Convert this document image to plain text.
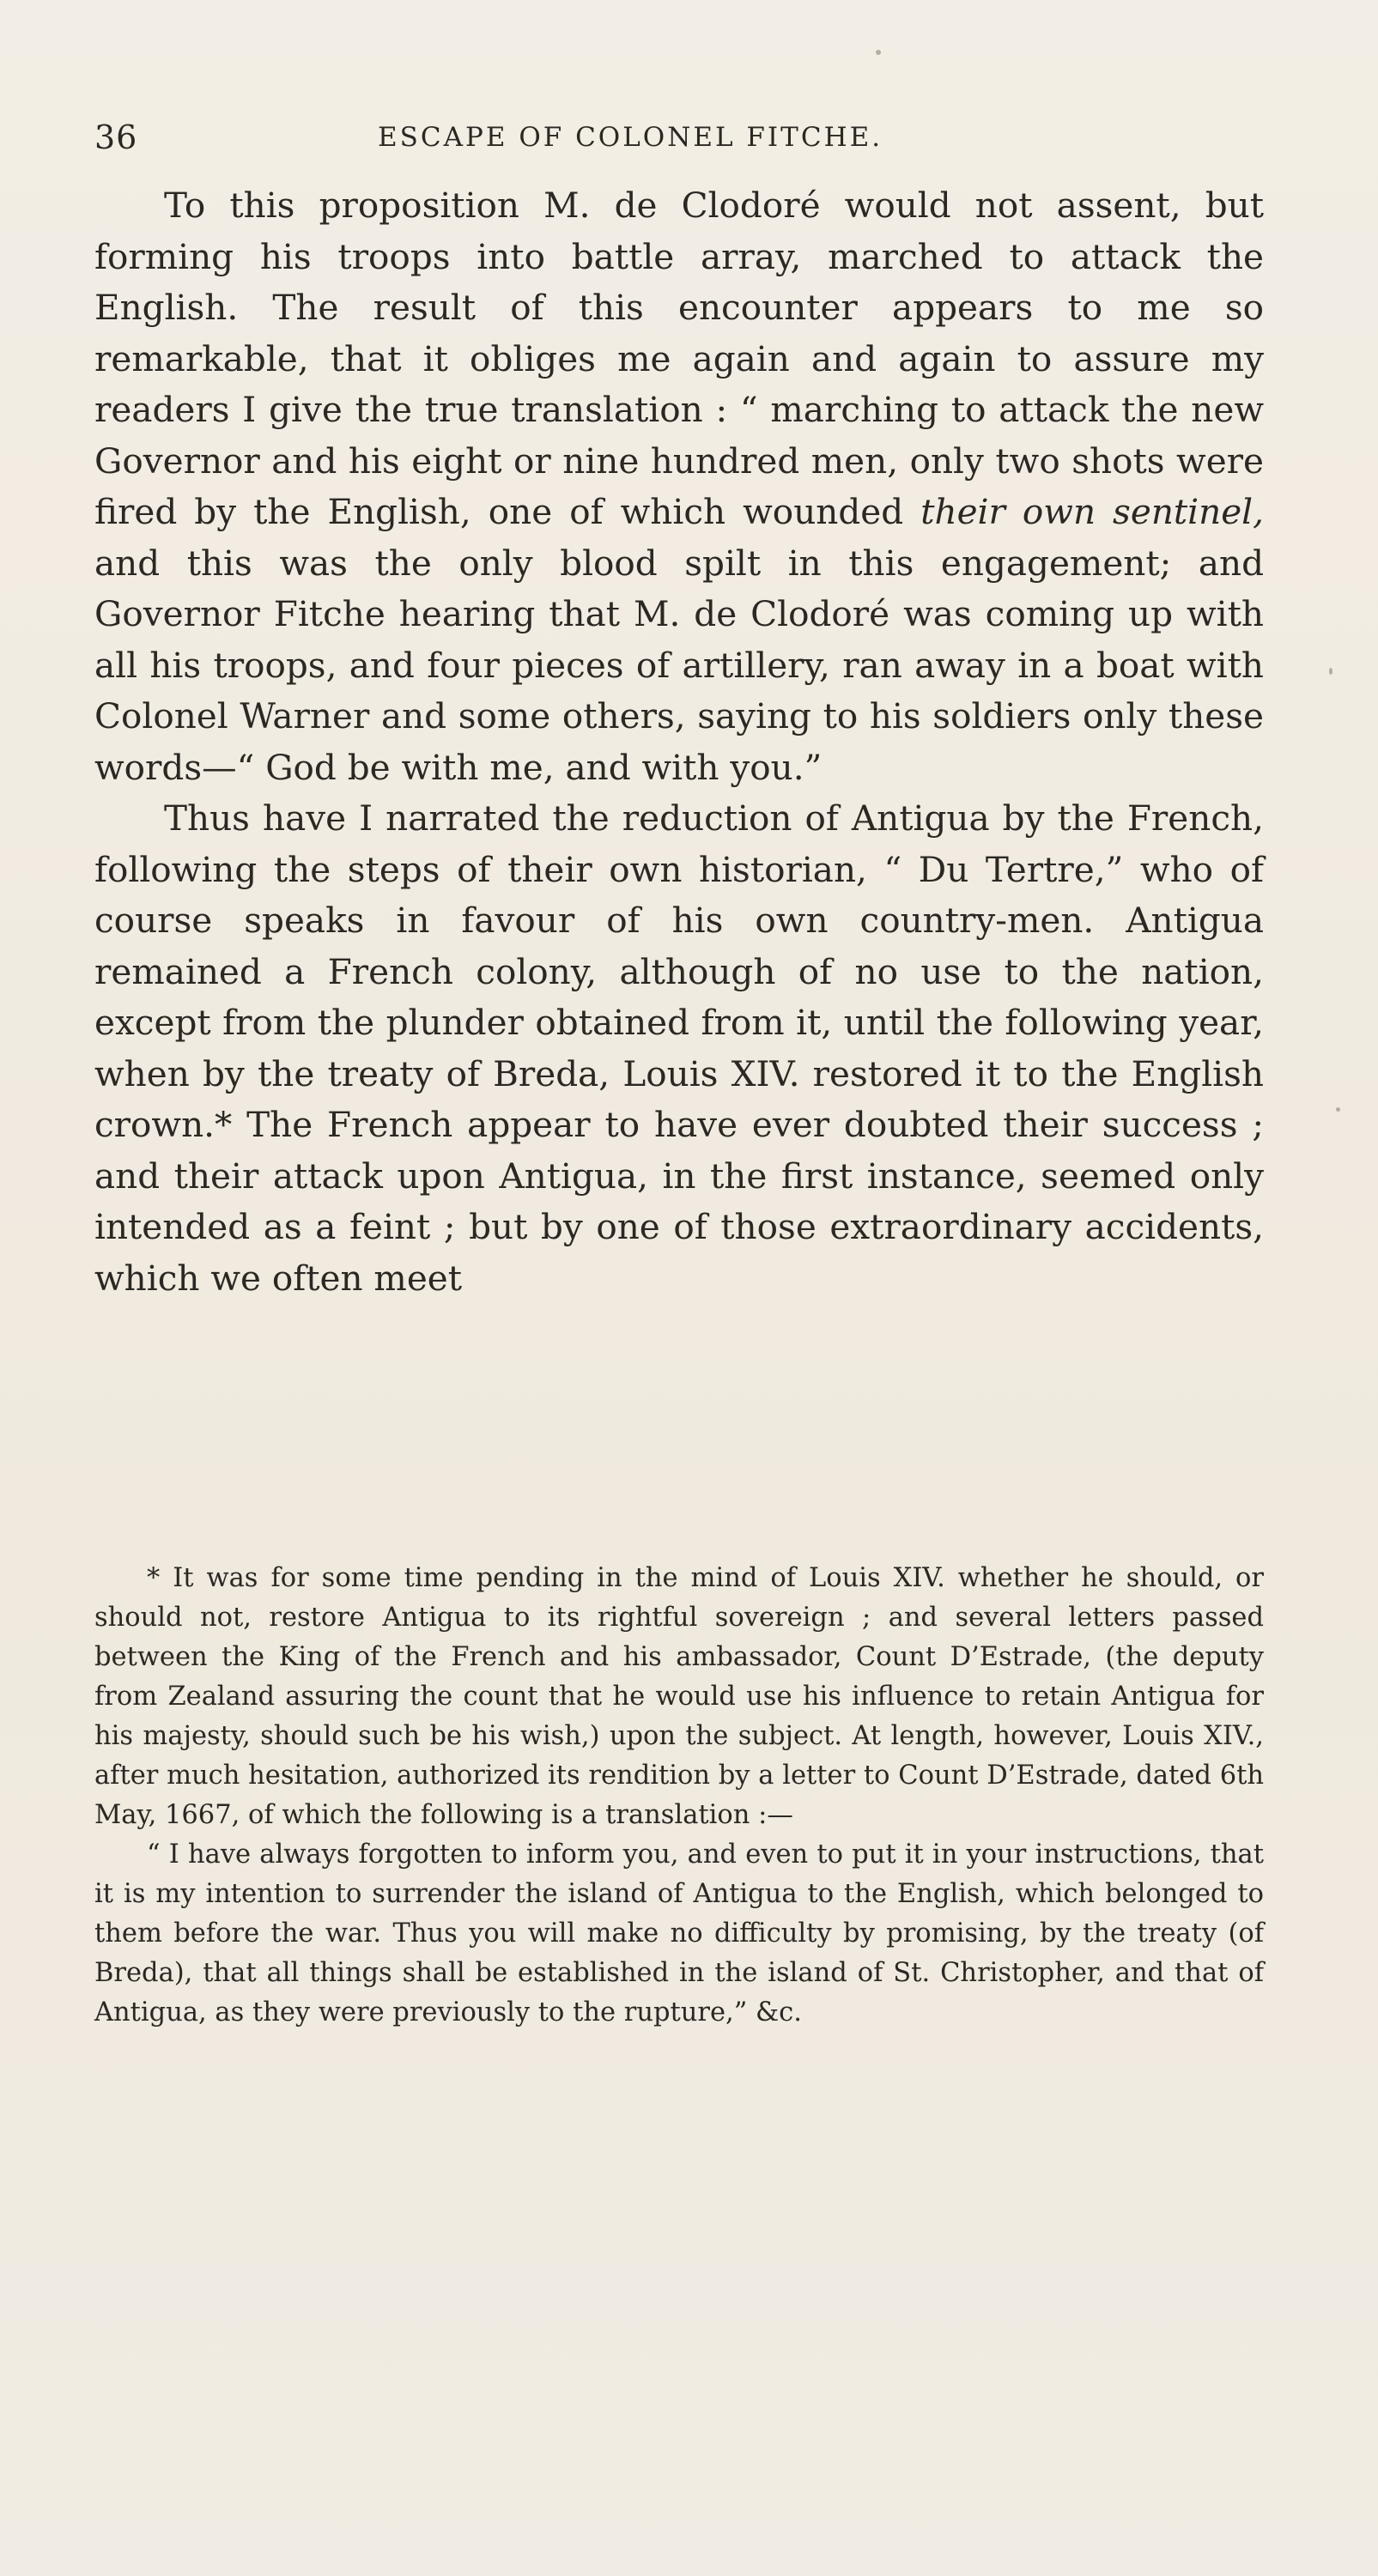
36	ESCAPE OF COLONEL FITCHE.

To this proposition M. de Clodoré would not assent, but forming his troops into battle array, marched to attack the English. The result of this encounter appears to me so remarkable, that it obliges me again and again to assure my readers I give the true translation : “ marching to attack the new Governor and his eight or nine hundred men, only two shots were fired by the English, one of which wounded their own sentinel, and this was the only blood spilt in this engagement; and Governor Fitche hearing that M. de Clodoré was coming up with all his troops, and four pieces of artillery, ran away in a boat with Colonel Warner and some others, saying to his soldiers only these words—“ God be with me, and with you.”

Thus have I narrated the reduction of Antigua by the French, following the steps of their own historian, “ Du Tertre,” who of course speaks in favour of his own country-men. Antigua remained a French colony, although of no use to the nation, except from the plunder obtained from it, until the following year, when by the treaty of Breda, Louis XIV. restored it to the English crown.* The French appear to have ever doubted their success ; and their attack upon Antigua, in the first instance, seemed only intended as a feint ; but by one of those extraordinary accidents, which we often meet

* It was for some time pending in the mind of Louis XIV. whether he should, or should not, restore Antigua to its rightful sovereign ; and several letters passed between the King of the French and his ambassador, Count D’Estrade, (the deputy from Zealand assuring the count that he would use his influence to retain Antigua for his majesty, should such be his wish,) upon the subject. At length, however, Louis XIV., after much hesitation, authorized its rendition by a letter to Count D’Estrade, dated 6th May, 1667, of which the following is a translation :—

“ I have always forgotten to inform you, and even to put it in your instructions, that it is my intention to surrender the island of Antigua to the English, which belonged to them before the war. Thus you will make no difficulty by promising, by the treaty (of Breda), that all things shall be established in the island of St. Christopher, and that of Antigua, as they were previously to the rupture,” &c.
